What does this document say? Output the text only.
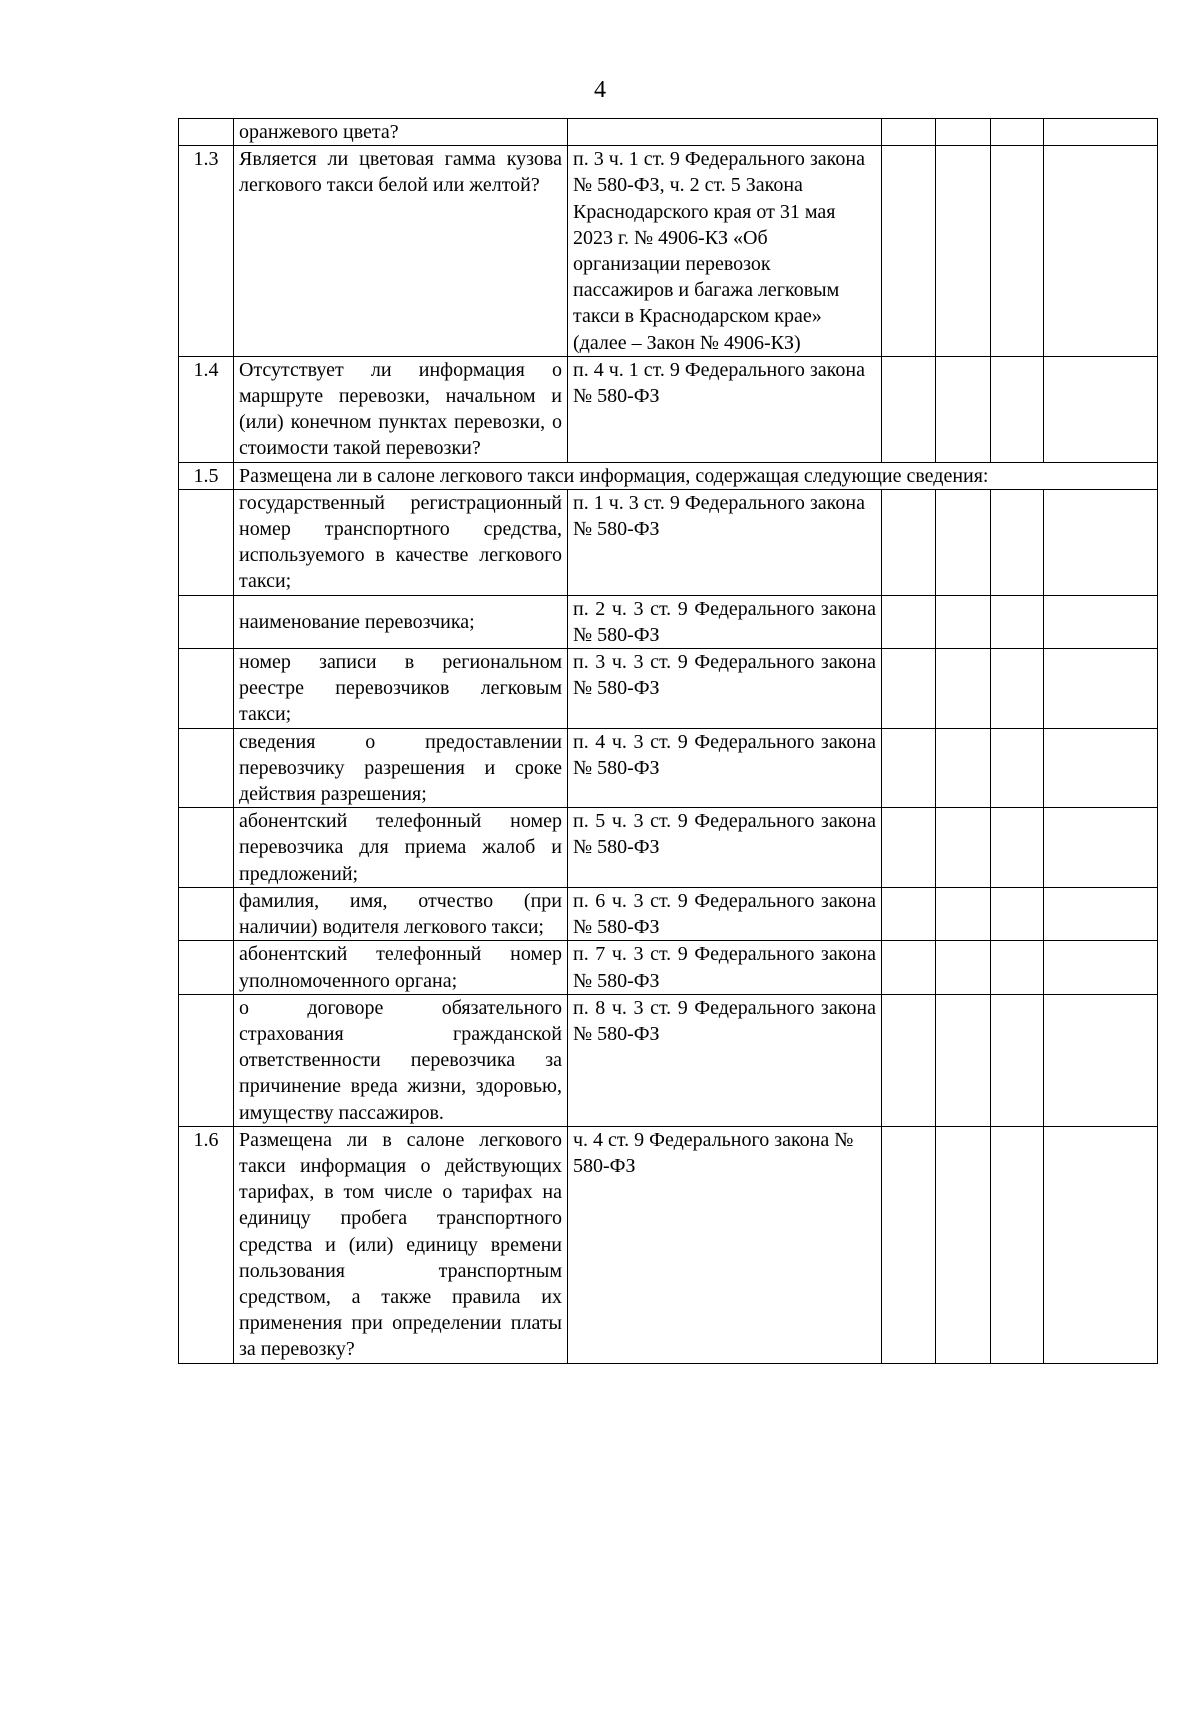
4
	оранжевого цвета?					
1.3	Является ли цветовая гамма кузова легкового такси белой или желтой?	п. 3 ч. 1 ст. 9 Федерального закона № 580-ФЗ, ч. 2 ст. 5 Закона Краснодарского края от 31 мая 2023 г. № 4906-КЗ «Об организации перевозок пассажиров и багажа легковым такси в Краснодарском крае» (далее – Закон № 4906-КЗ)				
1.4	Отсутствует ли информация о маршруте перевозки, начальном и (или) конечном пунктах перевозки, о стоимости такой перевозки?	п. 4 ч. 1 ст. 9 Федерального закона № 580-ФЗ				
1.5	Размещена ли в салоне легкового такси информация, содержащая следующие сведения:					
	государственный регистрационный номер транспортного средства, используемого в качестве легкового такси;	п. 1 ч. 3 ст. 9 Федерального закона № 580-ФЗ				
	наименование перевозчика;	п. 2 ч. 3 ст. 9 Федерального закона № 580-ФЗ				
	номер записи в региональном реестре перевозчиков легковым такси;	п. 3 ч. 3 ст. 9 Федерального закона № 580-ФЗ				
	сведения о предоставлении перевозчику разрешения и сроке действия разрешения;	п. 4 ч. 3 ст. 9 Федерального закона № 580-ФЗ				
	абонентский телефонный номер перевозчика для приема жалоб и предложений;	п. 5 ч. 3 ст. 9 Федерального закона № 580-ФЗ				
	фамилия, имя, отчество (при наличии) водителя легкового такси;	п. 6 ч. 3 ст. 9 Федерального закона № 580-ФЗ				
	абонентский телефонный номер уполномоченного органа;	п. 7 ч. 3 ст. 9 Федерального закона № 580-ФЗ				
	о договоре обязательного страхования гражданской ответственности перевозчика за причинение вреда жизни, здоровью, имуществу пассажиров.	п. 8 ч. 3 ст. 9 Федерального закона № 580-ФЗ				
1.6	Размещена ли в салоне легкового такси информация о действующих тарифах, в том числе о тарифах на единицу пробега транспортного средства и (или) единицу времени пользования транспортным средством, а также правила их применения при определении платы за перевозку?	ч. 4 ст. 9 Федерального закона № 580-ФЗ				
